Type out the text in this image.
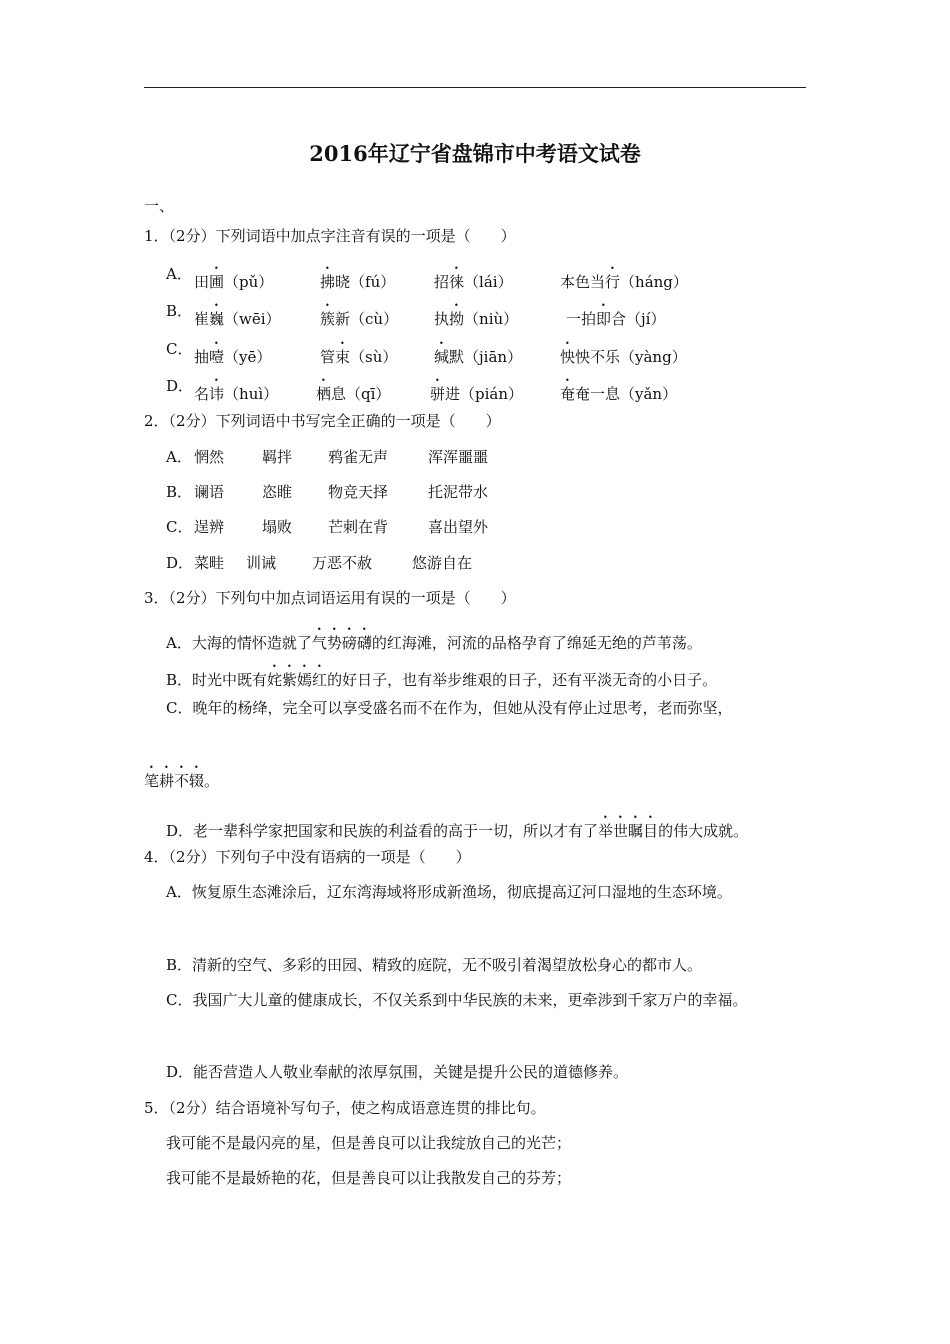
2016年辽宁省盘锦市中考语文试卷
一、
1．（2分）下列词语中加点字注音有误的一项是（　　）
A． 田圃（pǔ）	拂晓（fú）	招徕（lái）	本色当行（háng）
B． 崔巍（wēi）	簇新（cù） 执拗（niù）	一拍即合（jí）
C． 抽噎（yē）	管束（sù） 缄默（jiān）	怏怏不乐（yàng）
D． 名讳（huì）	栖息（qī）	骈进（pián） 奄奄一息（yǎn）
2．（2分）下列词语中书写完全正确的一项是（　　）
A． 惘然	羁拌 鸦雀无声	浑浑噩噩
B． 谰语	恣睢 物竞天择	托泥带水
C． 逞辨	塌败 芒刺在背	喜出望外
D． 菜畦 训诫 万恶不赦	悠游自在
3．（2分）下列句中加点词语运用有误的一项是（　　）
A．大海的情怀造就了气势磅礴的红海滩，河流的品格孕育了绵延无绝的芦苇荡。
B．时光中既有姹紫嫣红的好日子，也有举步维艰的日子，还有平淡无奇的小日子。
C．晚年的杨绛，完全可以享受盛名而不在作为，但她从没有停止过思考，老而弥坚，
笔耕不辍。
D．老一辈科学家把国家和民族的利益看的高于一切，所以才有了举世瞩目的伟大成就。
4．（2分）下列句子中没有语病的一项是（　　）
A．恢复原生态滩涂后，辽东湾海域将形成新渔场，彻底提高辽河口湿地的生态环境。
B．清新的空气、多彩的田园、精致的庭院，无不吸引着渴望放松身心的都市人。
C．我国广大儿童的健康成长，不仅关系到中华民族的未来，更牵涉到千家万户的幸福。
D．能否营造人人敬业奉献的浓厚氛围，关键是提升公民的道德修养。
5．（2分）结合语境补写句子，使之构成语意连贯的排比句。
我可能不是最闪亮的星，但是善良可以让我绽放自己的光芒；
我可能不是最娇艳的花，但是善良可以让我散发自己的芬芳；
